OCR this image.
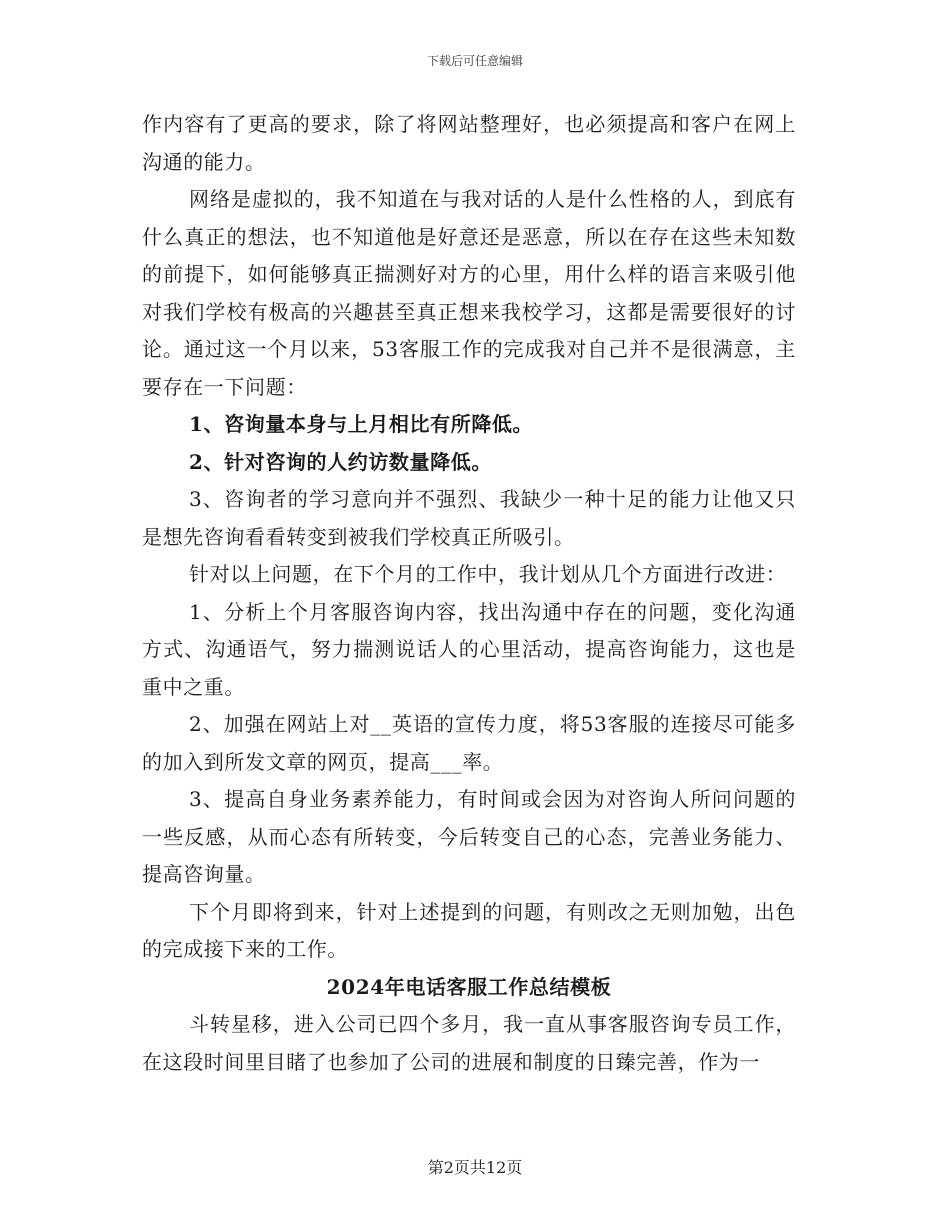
下载后可任意编辑

作内容有了更高的要求，除了将网站整理好，也必须提高和客户在网上沟通的能力。

网络是虚拟的，我不知道在与我对话的人是什么性格的人，到底有什么真正的想法，也不知道他是好意还是恶意，所以在存在这些未知数的前提下，如何能够真正揣测好对方的心里，用什么样的语言来吸引他对我们学校有极高的兴趣甚至真正想来我校学习，这都是需要很好的讨论。通过这一个月以来，53客服工作的完成我对自己并不是很满意，主要存在一下问题：

1、咨询量本身与上月相比有所降低。

2、针对咨询的人约访数量降低。

3、咨询者的学习意向并不强烈、我缺少一种十足的能力让他又只是想先咨询看看转变到被我们学校真正所吸引。

针对以上问题，在下个月的工作中，我计划从几个方面进行改进：

1、分析上个月客服咨询内容，找出沟通中存在的问题，变化沟通方式、沟通语气，努力揣测说话人的心里活动，提高咨询能力，这也是重中之重。

2、加强在网站上对__英语的宣传力度，将53客服的连接尽可能多的加入到所发文章的网页，提高___率。

3、提高自身业务素养能力，有时间或会因为对咨询人所问问题的一些反感，从而心态有所转变，今后转变自己的心态，完善业务能力、提高咨询量。

下个月即将到来，针对上述提到的问题，有则改之无则加勉，出色的完成接下来的工作。

2024年电话客服工作总结模板

斗转星移，进入公司已四个多月，我一直从事客服咨询专员工作，在这段时间里目睹了也参加了公司的进展和制度的日臻完善，作为一

第2页共12页
